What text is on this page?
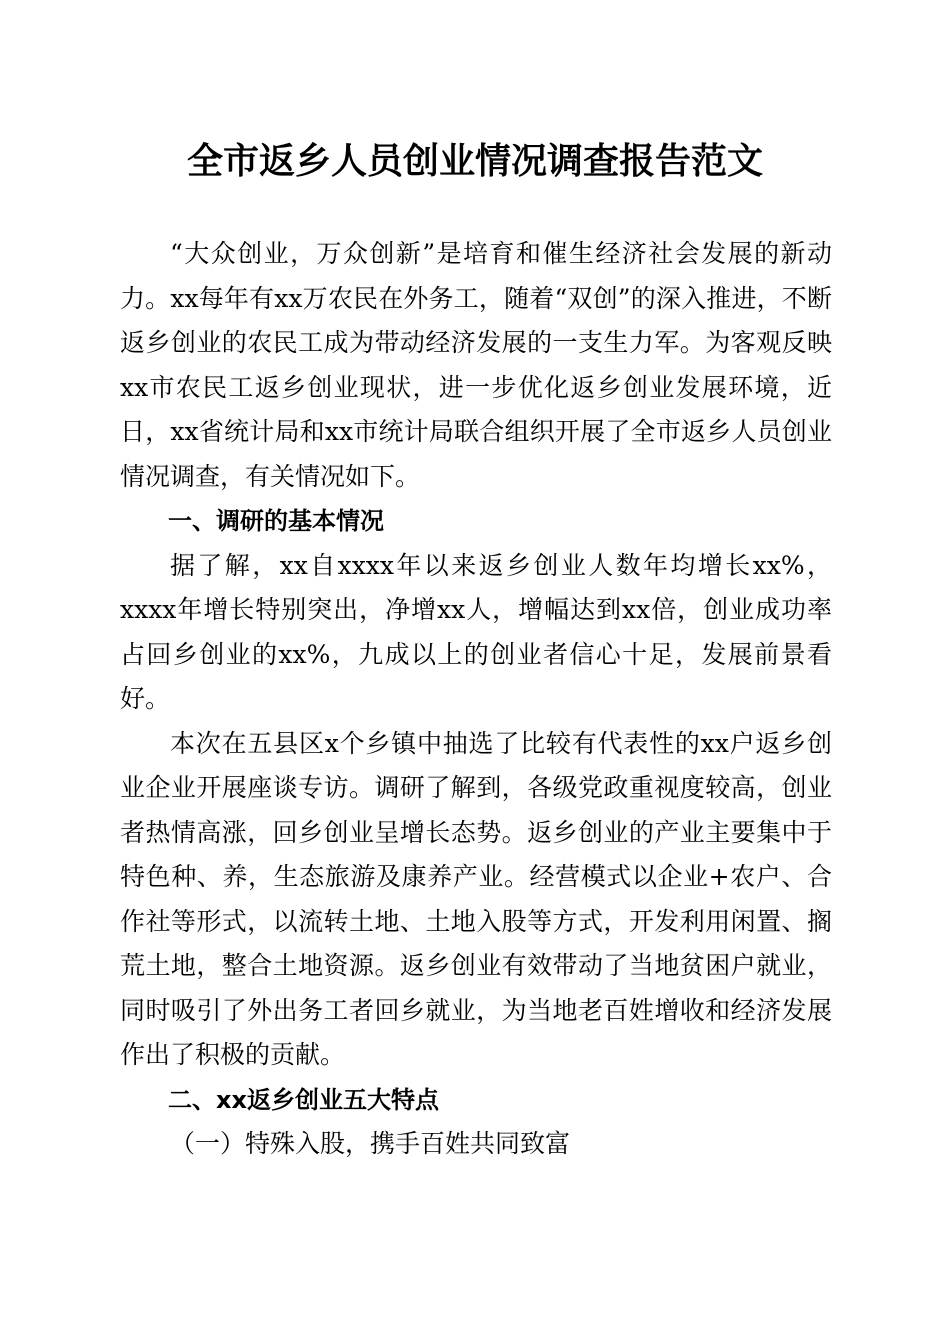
全市返乡人员创业情况调查报告范文

“大众创业，万众创新”是培育和催生经济社会发展的新动力。xx每年有xx万农民在外务工，随着“双创”的深入推进，不断返乡创业的农民工成为带动经济发展的一支生力军。为客观反映xx市农民工返乡创业现状，进一步优化返乡创业发展环境，近日，xx省统计局和xx市统计局联合组织开展了全市返乡人员创业情况调查，有关情况如下。

一、调研的基本情况

据了解，xx自xxxx年以来返乡创业人数年均增长xx%，xxxx年增长特别突出，净增xx人，增幅达到xx倍，创业成功率占回乡创业的xx%，九成以上的创业者信心十足，发展前景看好。

本次在五县区x个乡镇中抽选了比较有代表性的xx户返乡创业企业开展座谈专访。调研了解到，各级党政重视度较高，创业者热情高涨，回乡创业呈增长态势。返乡创业的产业主要集中于特色种、养，生态旅游及康养产业。经营模式以企业+农户、合作社等形式，以流转土地、土地入股等方式，开发利用闲置、搁荒土地，整合土地资源。返乡创业有效带动了当地贫困户就业，同时吸引了外出务工者回乡就业，为当地老百姓增收和经济发展作出了积极的贡献。

二、xx返乡创业五大特点

（一）特殊入股，携手百姓共同致富
